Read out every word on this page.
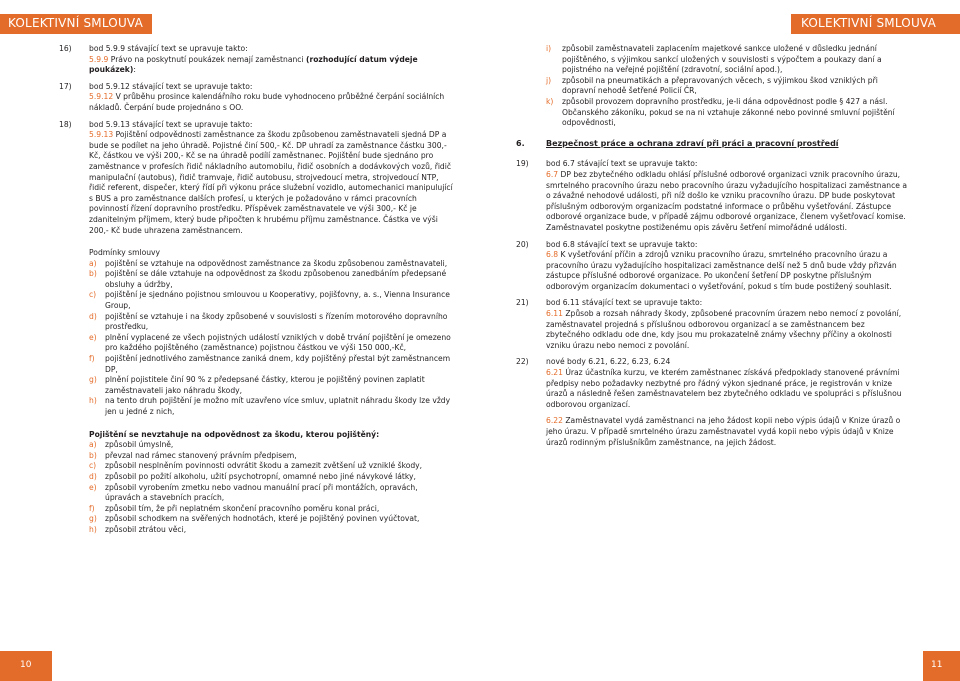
KOLEKTIVNÍ SMLOUVA	KOLEKTIVNÍ SMLOUVA
16) bod 5.9.9 stávající text se upravuje takto:
5.9.9 Právo na poskytnutí poukázek nemají zaměstnanci (rozhodující datum výdeje poukázek):
17) bod 5.9.12 stávající text se upravuje takto:
5.9.12 V průběhu prosince kalendářního roku bude vyhodnoceno průběžné čerpání sociálních nákladů. Čerpání bude projednáno s OO.
18) bod 5.9.13 stávající text se upravuje takto:
5.9.13 Pojištění odpovědnosti zaměstnance za škodu způsobenou zaměstnavateli sjedná DP a bude se podílet na jeho úhradě. Pojistné činí 500,- Kč. DP uhradí za zaměstnance částku 300,- Kč, částkou ve výši 200,- Kč se na úhradě podílí zaměstnanec. Pojištění bude sjednáno pro zaměstnance v profesích řidič nákladního automobilu, řidič osobních a dodávkových vozů, řidič manipulační (autobus), řidič tramvaje, řidič autobusu, strojvedoucí metra, strojvedoucí NTP, řidič referent, dispečer, který řídí při výkonu práce služební vozidlo, automechanici manipulující s BUS a pro zaměstnance dalších profesí, u kterých je požadováno v rámci pracovních povinností řízení dopravního prostředku. Příspěvek zaměstnavatele ve výši 300,- Kč je zdanitelným příjmem, který bude připočten k hrubému příjmu zaměstnance. Částka ve výši 200,- Kč bude uhrazena zaměstnancem.
Podmínky smlouvy
a) pojištění se vztahuje na odpovědnost zaměstnance za škodu způsobenou zaměstnavateli,
b) pojištění se dále vztahuje na odpovědnost za škodu způsobenou zanedbáním předepsané obsluhy a údržby,
c) pojištění je sjednáno pojistnou smlouvou u Kooperativy, pojišťovny, a. s., Vienna Insurance Group,
d) pojištění se vztahuje i na škody způsobené v souvislosti s řízením motorového dopravního prostředku,
e) plnění vyplacené ze všech pojistných událostí vzniklých v době trvání pojištění je omezeno pro každého pojištěného (zaměstnance) pojistnou částkou ve výši 150 000,-Kč,
f) pojištění jednotlivého zaměstnance zaniká dnem, kdy pojištěný přestal být zaměstnancem DP,
g) plnění pojistitele činí 90 % z předepsané částky, kterou je pojištěný povinen zaplatit zaměstnavateli jako náhradu škody,
h) na tento druh pojištění je možno mít uzavřeno více smluv, uplatnit náhradu škody lze vždy jen u jedné z nich,
Pojištění se nevztahuje na odpovědnost za škodu, kterou pojištěný:
a) způsobil úmyslně,
b) převzal nad rámec stanovený právním předpisem,
c) způsobil nesplněním povinnosti odvrátit škodu a zamezit zvětšení už vzniklé škody,
d) způsobil po požití alkoholu, užití psychotropní, omamné nebo jiné návykové látky,
e) způsobil vyrobením zmetku nebo vadnou manuální prací při montážích, opravách, úpravách a stavebních pracích,
f) způsobil tím, že při neplatném skončení pracovního poměru konal práci,
g) způsobil schodkem na svěřených hodnotách, které je pojištěný povinen vyúčtovat,
h) způsobil ztrátou věci,
i) způsobil zaměstnavateli zaplacením majetkové sankce uložené v důsledku jednání pojištěného, s výjimkou sankcí uložených v souvislosti s výpočtem a poukazy daní a pojistného na veřejné pojištění (zdravotní, sociální apod.),
j) způsobil na pneumatikách a přepravovaných věcech, s výjimkou škod vzniklých při dopravní nehodě šetřené Policií ČR,
k) způsobil provozem dopravního prostředku, je-li dána odpovědnost podle § 427 a násl. Občanského zákoníku, pokud se na ni vztahuje zákonné nebo povinné smluvní pojištění odpovědnosti,
6.	Bezpečnost práce a ochrana zdraví při práci a pracovní prostředí
19) bod 6.7 stávající text se upravuje takto:
6.7 DP bez zbytečného odkladu ohlásí příslušné odborové organizaci vznik pracovního úrazu, smrtelného pracovního úrazu nebo pracovního úrazu vyžadujícího hospitalizaci zaměstnance a o závažné nehodové události, při níž došlo ke vzniku pracovního úrazu. DP bude poskytovat příslušným odborovým organizacím podstatné informace o průběhu vyšetřování. Zástupce odborové organizace bude, v případě zájmu odborové organizace, členem vyšetřovací komise. Zaměstnavatel poskytne postiženému opis závěru šetření mimořádné události.
20) bod 6.8 stávající text se upravuje takto:
6.8 K vyšetřování příčin a zdrojů vzniku pracovního úrazu, smrtelného pracovního úrazu a pracovního úrazu vyžadujícího hospitalizaci zaměstnance delší než 5 dnů bude vždy přizván zástupce příslušné odborové organizace. Po ukončení šetření DP poskytne příslušným odborovým organizacím dokumentaci o vyšetřování, pokud s tím bude postižený souhlasit.
21) bod 6.11 stávající text se upravuje takto:
6.11 Způsob a rozsah náhrady škody, způsobené pracovním úrazem nebo nemocí z povolání, zaměstnavatel projedná s příslušnou odborovou organizací a se zaměstnancem bez zbytečného odkladu ode dne, kdy jsou mu prokazatelně známy všechny příčiny a okolnosti vzniku úrazu nebo nemoci z povolání.
22) nové body 6.21, 6.22, 6.23, 6.24
6.21 Úraz účastníka kurzu, ve kterém zaměstnanec získává předpoklady stanovené právními předpisy nebo požadavky nezbytné pro řádný výkon sjednané práce, je registrován v knize úrazů a následně řešen zaměstnavatelem bez zbytečného odkladu ve spolupráci s příslušnou odborovou organizací.
6.22 Zaměstnavatel vydá zaměstnanci na jeho žádost kopii nebo výpis údajů v Knize úrazů o jeho úrazu. V případě smrtelného úrazu zaměstnavatel vydá kopii nebo výpis údajů v Knize úrazů rodinným příslušníkům zaměstnance, na jejich žádost.
10	11
